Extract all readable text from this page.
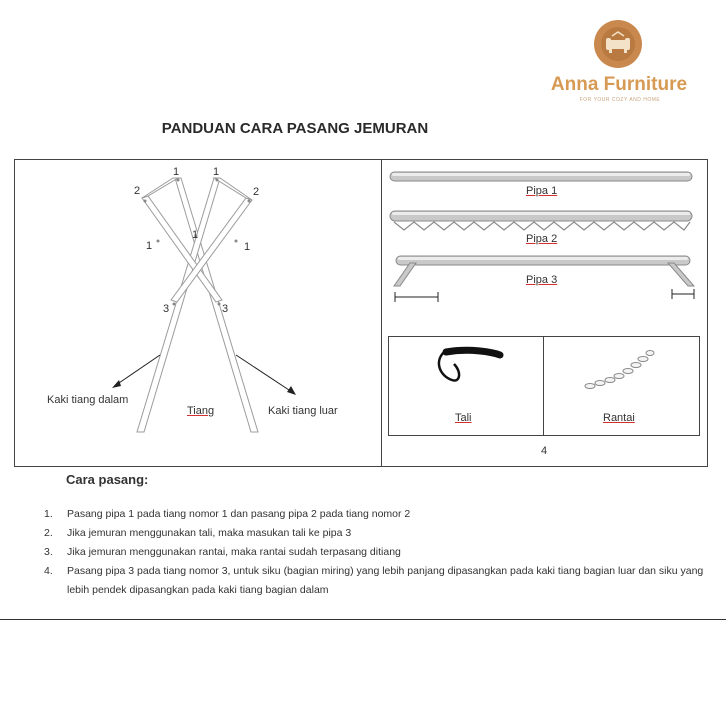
Anna Furniture
FOR YOUR COZY AND HOME
PANDUAN CARA PASANG JEMURAN
1	1
2	2
1	1
1
3	3
Kaki tiang dalam
Tiang	Kaki tiang luar
Pipa 1
Pipa 2
Pipa 3
Tali	Rantai
4
Cara pasang:
1. Pasang pipa 1 pada tiang nomor 1 dan pasang pipa 2 pada tiang nomor 2
2. Jika jemuran menggunakan tali, maka masukan tali ke pipa 3
3. Jika jemuran menggunakan rantai, maka rantai sudah terpasang ditiang
4. Pasang pipa 3 pada tiang nomor 3, untuk siku (bagian miring) yang lebih panjang dipasangkan pada kaki tiang bagian luar dan siku yang lebih pendek dipasangkan pada kaki tiang bagian dalam
